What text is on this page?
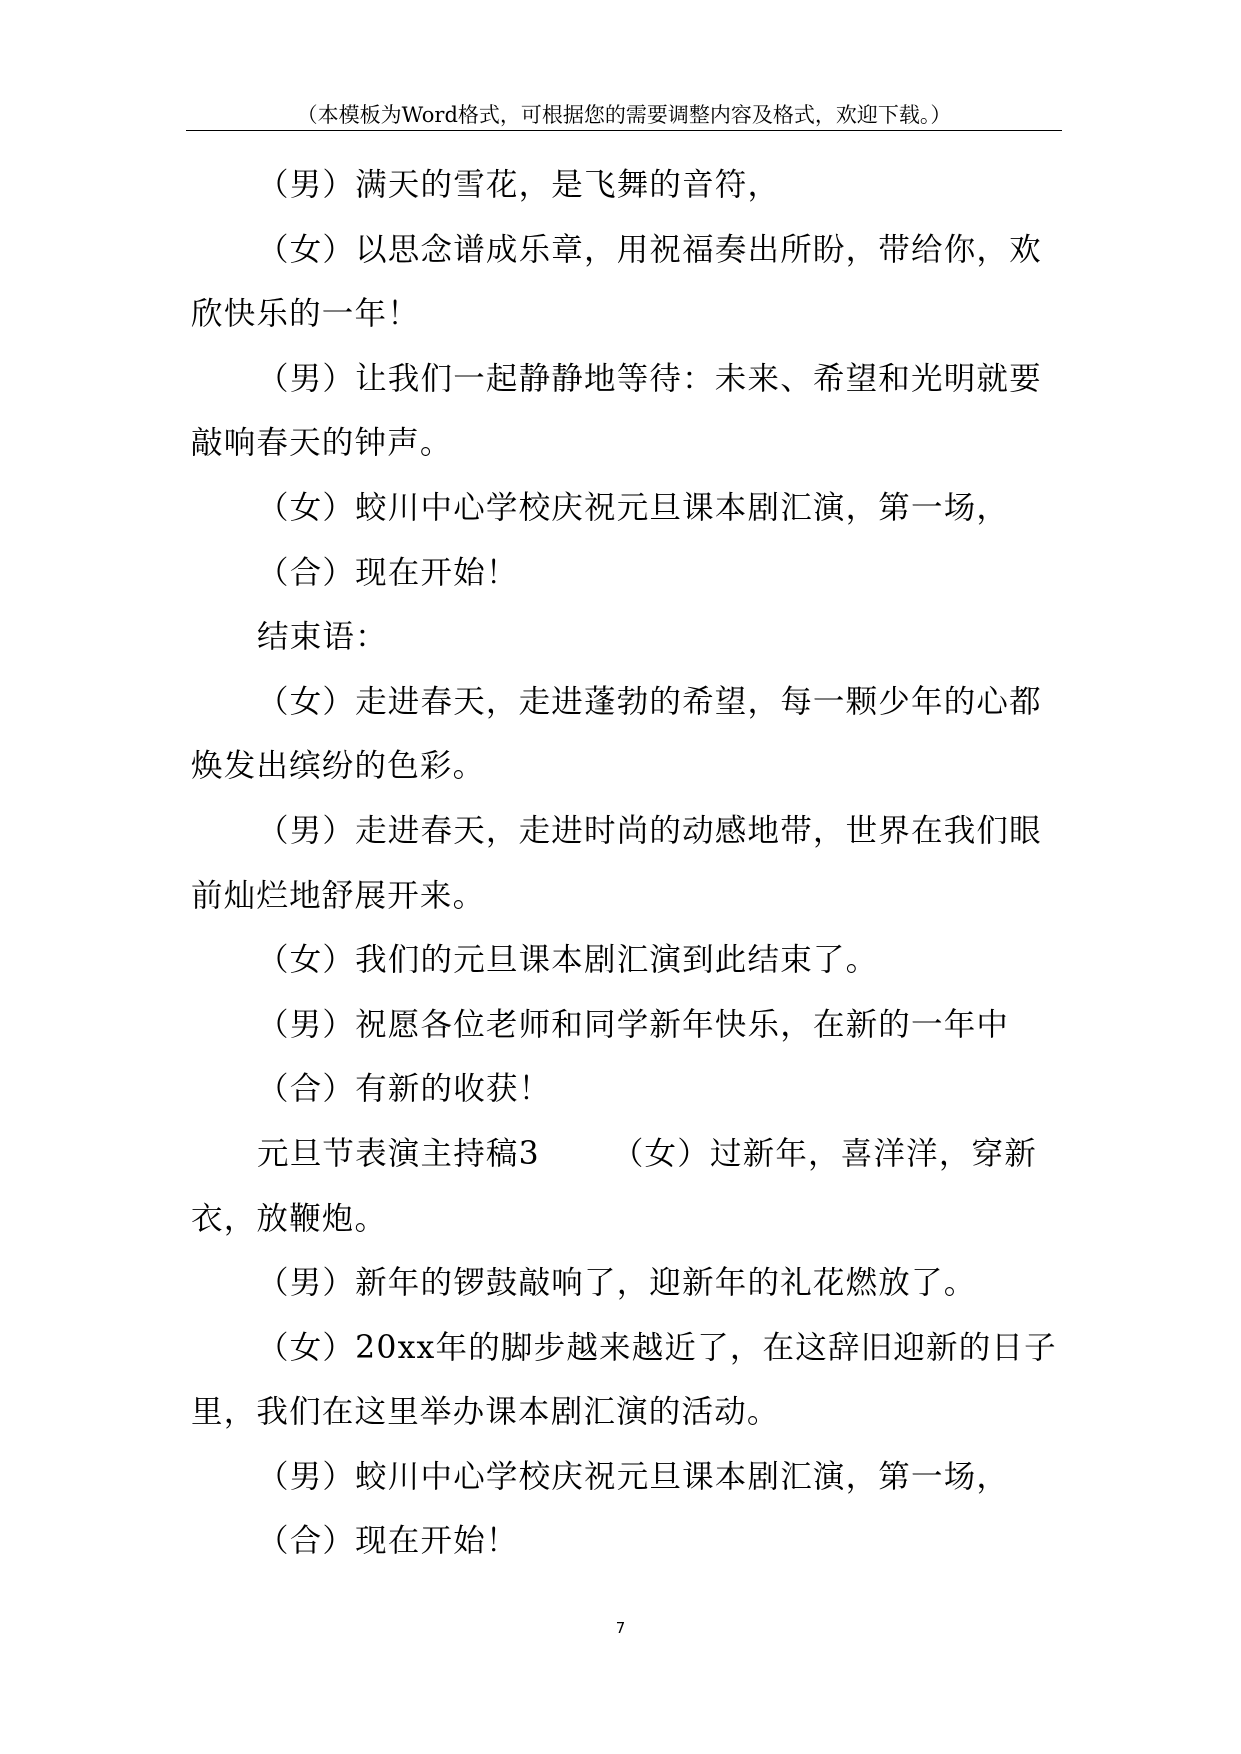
（本模板为Word格式，可根据您的需要调整内容及格式，欢迎下载。）

（男）满天的雪花，是飞舞的音符，

（女）以思念谱成乐章，用祝福奏出所盼，带给你，欢
欣快乐的一年！

（男）让我们一起静静地等待：未来、希望和光明就要
敲响春天的钟声。

（女）蛟川中心学校庆祝元旦课本剧汇演，第一场，

（合）现在开始！

结束语：

（女）走进春天，走进蓬勃的希望，每一颗少年的心都
焕发出缤纷的色彩。

（男）走进春天，走进时尚的动感地带，世界在我们眼
前灿烂地舒展开来。

（女）我们的元旦课本剧汇演到此结束了。

（男）祝愿各位老师和同学新年快乐，在新的一年中

（合）有新的收获！

元旦节表演主持稿3 （女）过新年，喜洋洋，穿新
衣，放鞭炮。

（男）新年的锣鼓敲响了，迎新年的礼花燃放了。

（女）20xx年的脚步越来越近了，在这辞旧迎新的日子
里，我们在这里举办课本剧汇演的活动。

（男）蛟川中心学校庆祝元旦课本剧汇演，第一场，

（合）现在开始！

7
